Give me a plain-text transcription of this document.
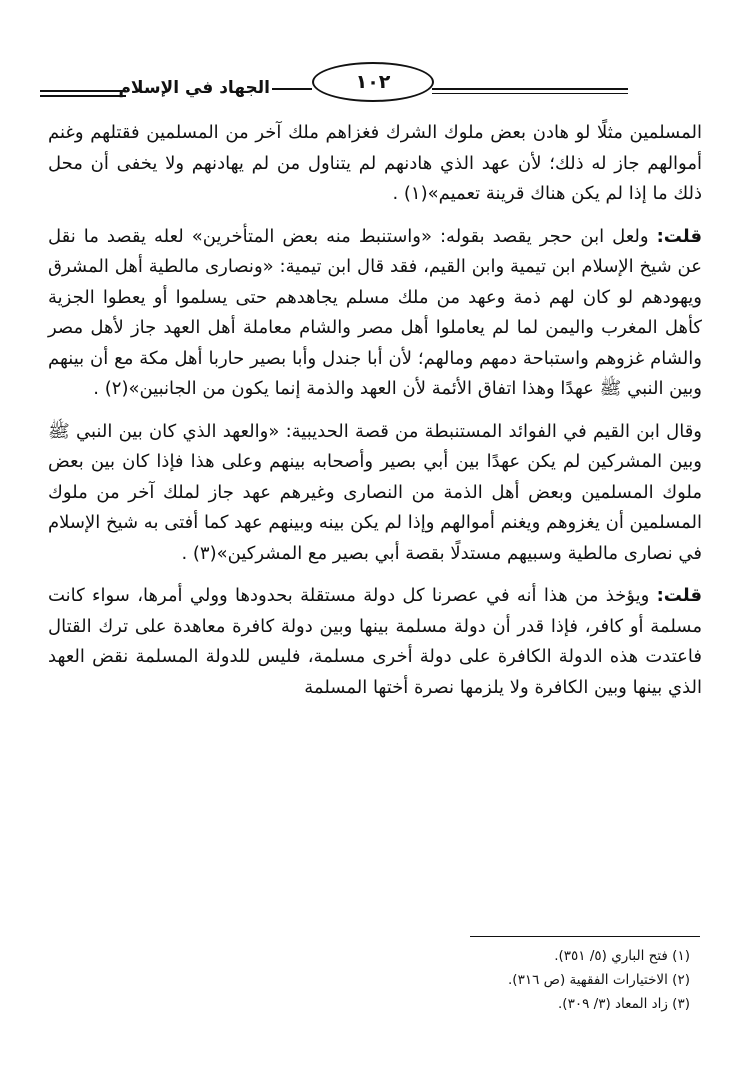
الجهاد في الإسلام	١٠٢

المسلمين مثلًا لو هادن بعض ملوك الشرك فغزاهم ملك آخر من المسلمين فقتلهم وغنم أموالهم جاز له ذلك؛ لأن عهد الذي هادنهم لم يتناول من لم يهادنهم ولا يخفى أن محل ذلك ما إذا لم يكن هناك قرينة تعميم»(١) .

قلت: ولعل ابن حجر يقصد بقوله: «واستنبط منه بعض المتأخرين» لعله يقصد ما نقل عن شيخ الإسلام ابن تيمية وابن القيم، فقد قال ابن تيمية: «ونصارى مالطية أهل المشرق ويهودهم لو كان لهم ذمة وعهد من ملك مسلم يجاهدهم حتى يسلموا أو يعطوا الجزية كأهل المغرب واليمن لما لم يعاملوا أهل مصر والشام معاملة أهل العهد جاز لأهل مصر والشام غزوهم واستباحة دمهم ومالهم؛ لأن أبا جندل وأبا بصير حاربا أهل مكة مع أن بينهم وبين النبي ﷺ عهدًا وهذا اتفاق الأئمة لأن العهد والذمة إنما يكون من الجانبين»(٢) .

وقال ابن القيم في الفوائد المستنبطة من قصة الحديبية: «والعهد الذي كان بين النبي ﷺ وبين المشركين لم يكن عهدًا بين أبي بصير وأصحابه بينهم وعلى هذا فإذا كان بين بعض ملوك المسلمين وبعض أهل الذمة من النصارى وغيرهم عهد جاز لملك آخر من ملوك المسلمين أن يغزوهم ويغنم أموالهم وإذا لم يكن بينه وبينهم عهد كما أفتى به شيخ الإسلام في نصارى مالطية وسبيهم مستدلًا بقصة أبي بصير مع المشركين»(٣) .

قلت: ويؤخذ من هذا أنه في عصرنا كل دولة مستقلة بحدودها وولي أمرها، سواء كانت مسلمة أو كافر، فإذا قدر أن دولة مسلمة بينها وبين دولة كافرة معاهدة على ترك القتال فاعتدت هذه الدولة الكافرة على دولة أخرى مسلمة، فليس للدولة المسلمة نقض العهد الذي بينها وبين الكافرة ولا يلزمها نصرة أختها المسلمة

(١) فتح الباري (٥/ ٣٥١).
(٢) الاختيارات الفقهية (ص ٣١٦).
(٣) زاد المعاد (٣/ ٣٠٩).
